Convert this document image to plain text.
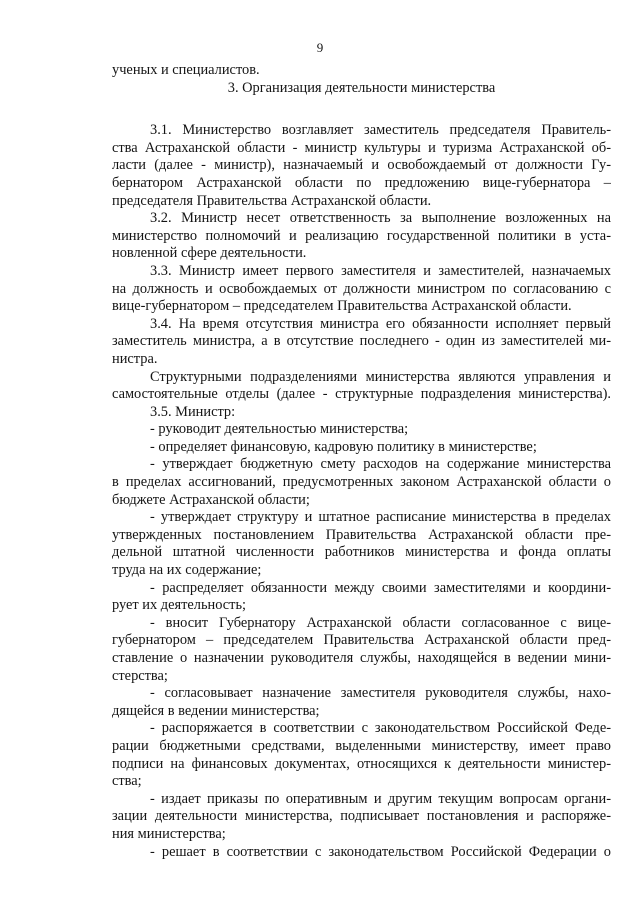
9
ученых и специалистов.
3. Организация деятельности министерства
3.1. Министерство возглавляет заместитель председателя Правитель-
ства Астраханской области - министр культуры и туризма Астраханской об-
ласти (далее - министр), назначаемый и освобождаемый от должности Гу-
бернатором Астраханской области по предложению вице-губернатора –
председателя Правительства Астраханской области.
3.2. Министр несет ответственность за выполнение возложенных на
министерство полномочий и реализацию государственной политики в уста-
новленной сфере деятельности.
3.3. Министр имеет первого заместителя и заместителей, назначаемых
на должность и освобождаемых от должности министром по согласованию с
вице-губернатором – председателем Правительства Астраханской области.
3.4. На время отсутствия министра его обязанности исполняет первый
заместитель министра, а в отсутствие последнего - один из заместителей ми-
нистра.
Структурными подразделениями министерства являются управления и
самостоятельные отделы (далее - структурные подразделения министерства).
3.5. Министр:
- руководит деятельностью министерства;
- определяет финансовую, кадровую политику в министерстве;
- утверждает бюджетную смету расходов на содержание министерства
в пределах ассигнований, предусмотренных законом Астраханской области о
бюджете Астраханской области;
- утверждает структуру и штатное расписание министерства в пределах
утвержденных постановлением Правительства Астраханской области пре-
дельной штатной численности работников министерства и фонда оплаты
труда на их содержание;
- распределяет обязанности между своими заместителями и координи-
рует их деятельность;
- вносит Губернатору Астраханской области согласованное с вице-
губернатором – председателем Правительства Астраханской области пред-
ставление о назначении руководителя службы, находящейся в ведении мини-
стерства;
- согласовывает назначение заместителя руководителя службы, нахо-
дящейся в ведении министерства;
- распоряжается в соответствии с законодательством Российской Феде-
рации бюджетными средствами, выделенными министерству, имеет право
подписи на финансовых документах, относящихся к деятельности министер-
ства;
- издает приказы по оперативным и другим текущим вопросам органи-
зации деятельности министерства, подписывает постановления и распоряже-
ния министерства;
- решает в соответствии с законодательством Российской Федерации о
